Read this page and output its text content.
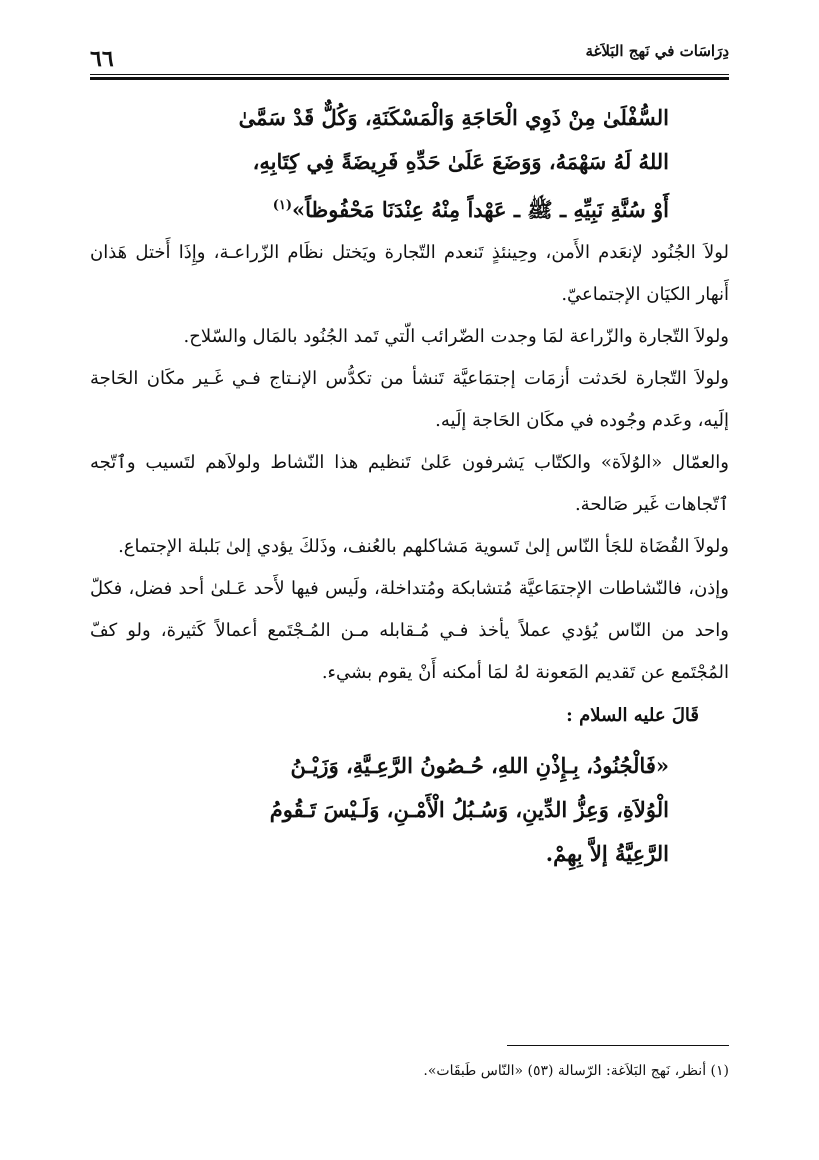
دِرَاسَات في نَهج البَلاَغة
٦٦
السُّفْلَىٰ مِنْ ذَوِي الْحَاجَةِ وَالْمَسْكَنَةِ، وَكُلٌّ قَدْ سَمَّىٰ
اللهُ لَهُ سَهْمَهُ، وَوَضَعَ عَلَىٰ حَدِّهِ فَرِيضَةً فِي كِتَابِهِ،
أَوْ سُنَّةِ نَبِيِّهِ ـ ﷺ ـ عَهْداً مِنْهُ عِنْدَنَا مَحْفُوظاً»$^{(١)}$

لولاَ الجُنُود لإنعَدم الأَمن، وحِينئذٍ تَنعدم التّجارة ويَختل نظَام الزّراعـة، وإِذَا أَختل هَذان أَنهار الكيَان الإجتماعيّ.

ولولاَ التّجارة والزّراعة لمَا وجدت الضّرائب الّتي تَمد الجُنُود بالمَال والسّلاح.

ولولاَ التّجارة لحَدثت أزمَات إجتمَاعيَّة تَنشأ من تكدُّس الإنـتاج فـي غَـير مكَان الحَاجة إلَيه، وعَدم وجُوده في مكَان الحَاجة إلَيه.

والعمّال «الوُلاَة» والكتّاب يَشرفون عَلىٰ تَنظيم هذا النّشاط ولولاَهم لتَسيب وٱتّجه ٱتّجاهات غَير صَالحة.

ولولاَ القُضَاة للجَأ النّاس إلىٰ تَسوية مَشاكلهم بالعُنف، وذَلكَ يؤدي إلىٰ بَلبلة الإجتماع.

وإذن، فالنّشاطات الإجتمَاعيَّة مُتشابكة ومُتداخلة، ولَيس فيها لأَحد عَـلىٰ أحد فضل، فكلّ واحد من النّاس يُؤدي عملاً يأخذ فـي مُـقابله مـن المُـجْتَمع أعمالاً كَثيرة، ولو كفّ المُجْتَمع عن تَقديم المَعونة لهُ لمَا أمكنه أَنْ يقوم بشيء.

قَالَ عليه السلام :

«فَالْجُنُودُ، بِـإِذْنِ اللهِ، حُـصُونُ الرَّعِـيَّةِ، وَزَيْـنُ
الْوُلاَةِ، وَعِزُّ الدِّينِ، وَسُـبُلُ الْأَمْـنِ، وَلَـيْسَ تَـقُومُ
الرَّعِيَّةُ إلاَّ بِهِمْ.
(١) أنظر، نَهج البَلاَغة: الرّسالة (٥٣) «النّاس طَبقَات».
